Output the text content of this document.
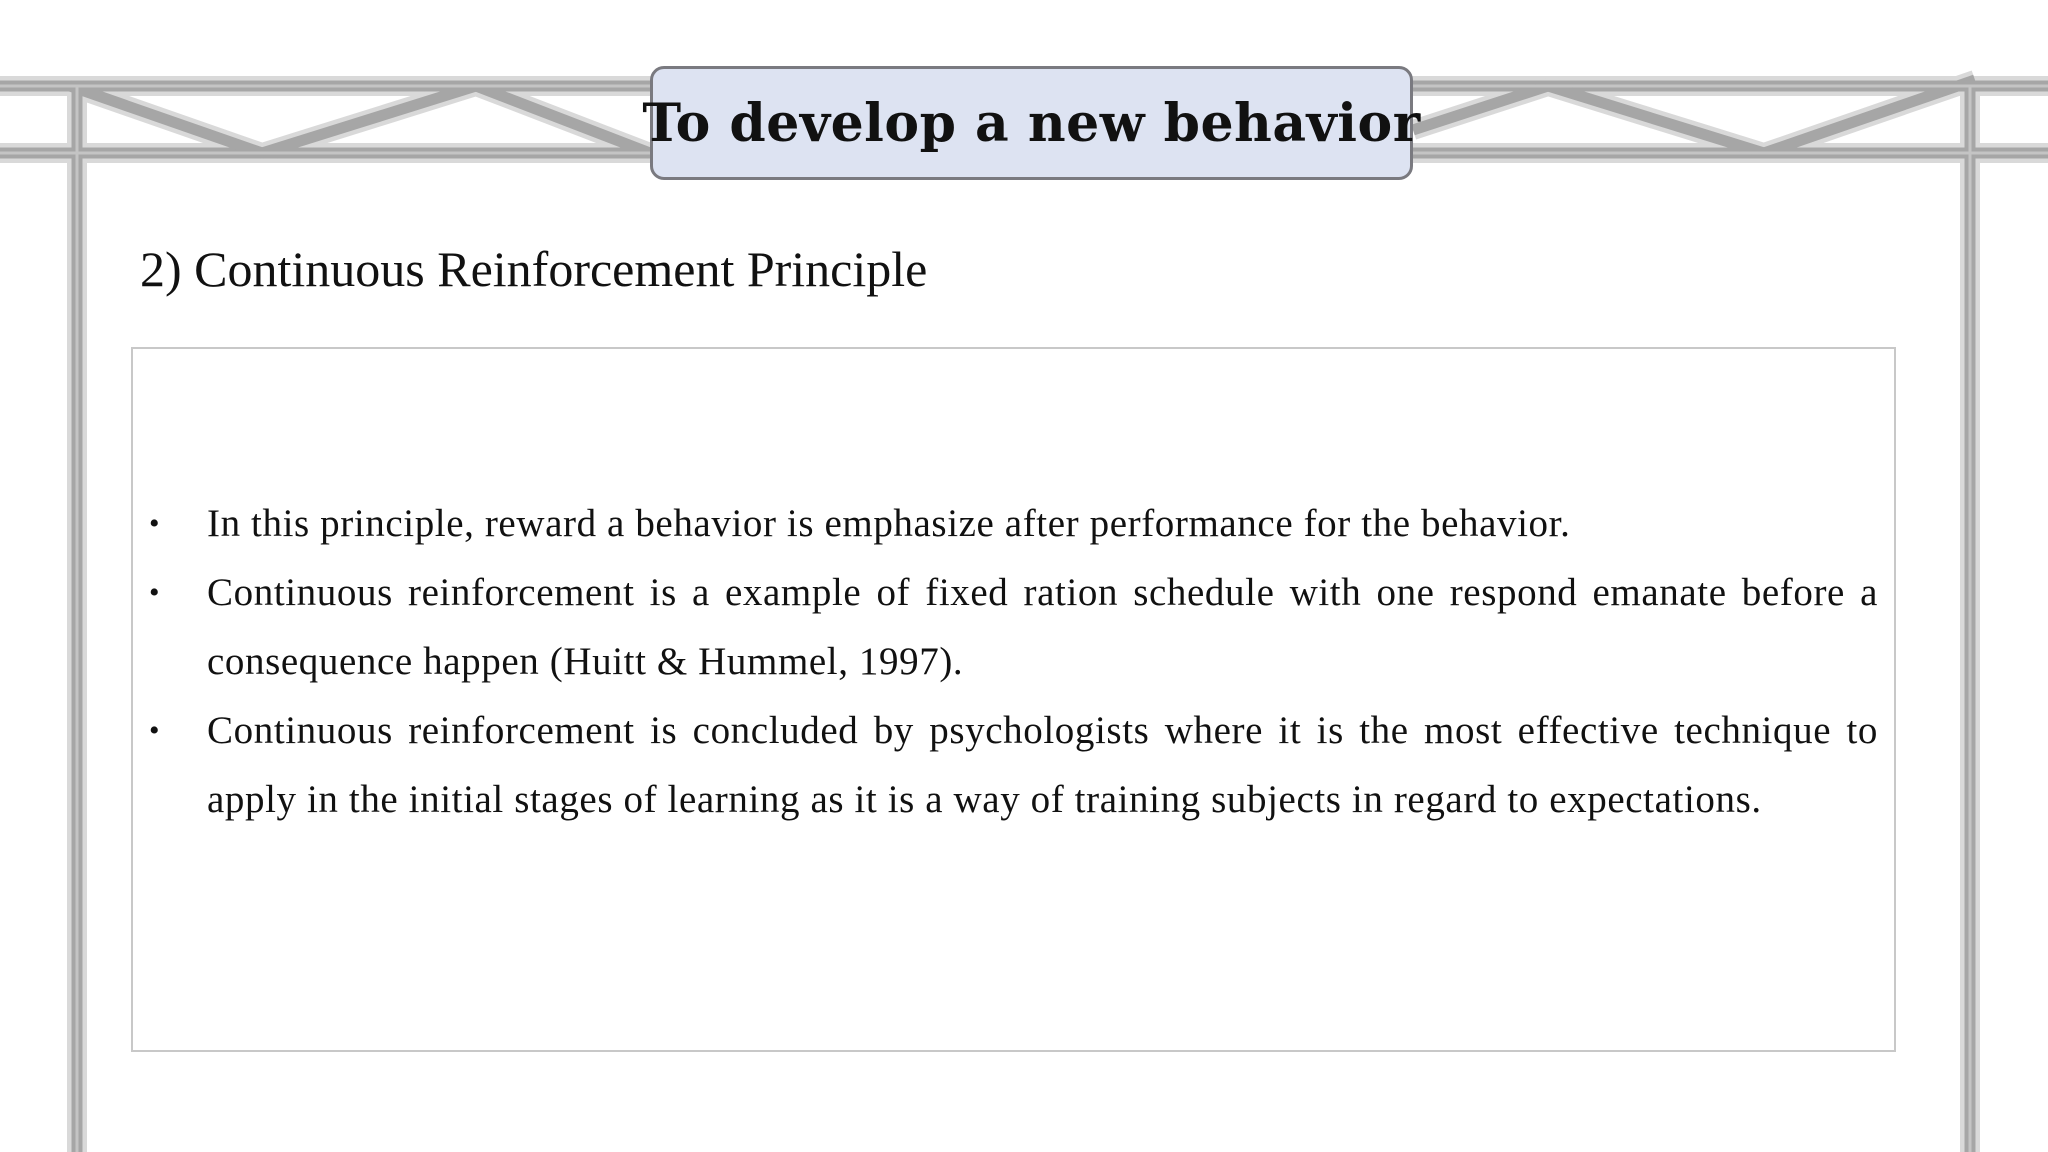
To develop a new behavior
2) Continuous Reinforcement Principle
• In this principle, reward a behavior is emphasize after performance for the behavior.
• Continuous reinforcement is a example of fixed ration schedule with one respond emanate before a consequence happen (Huitt & Hummel, 1997).
• Continuous reinforcement is concluded by psychologists where it is the most effective technique to apply in the initial stages of learning as it is a way of training subjects in regard to expectations.
